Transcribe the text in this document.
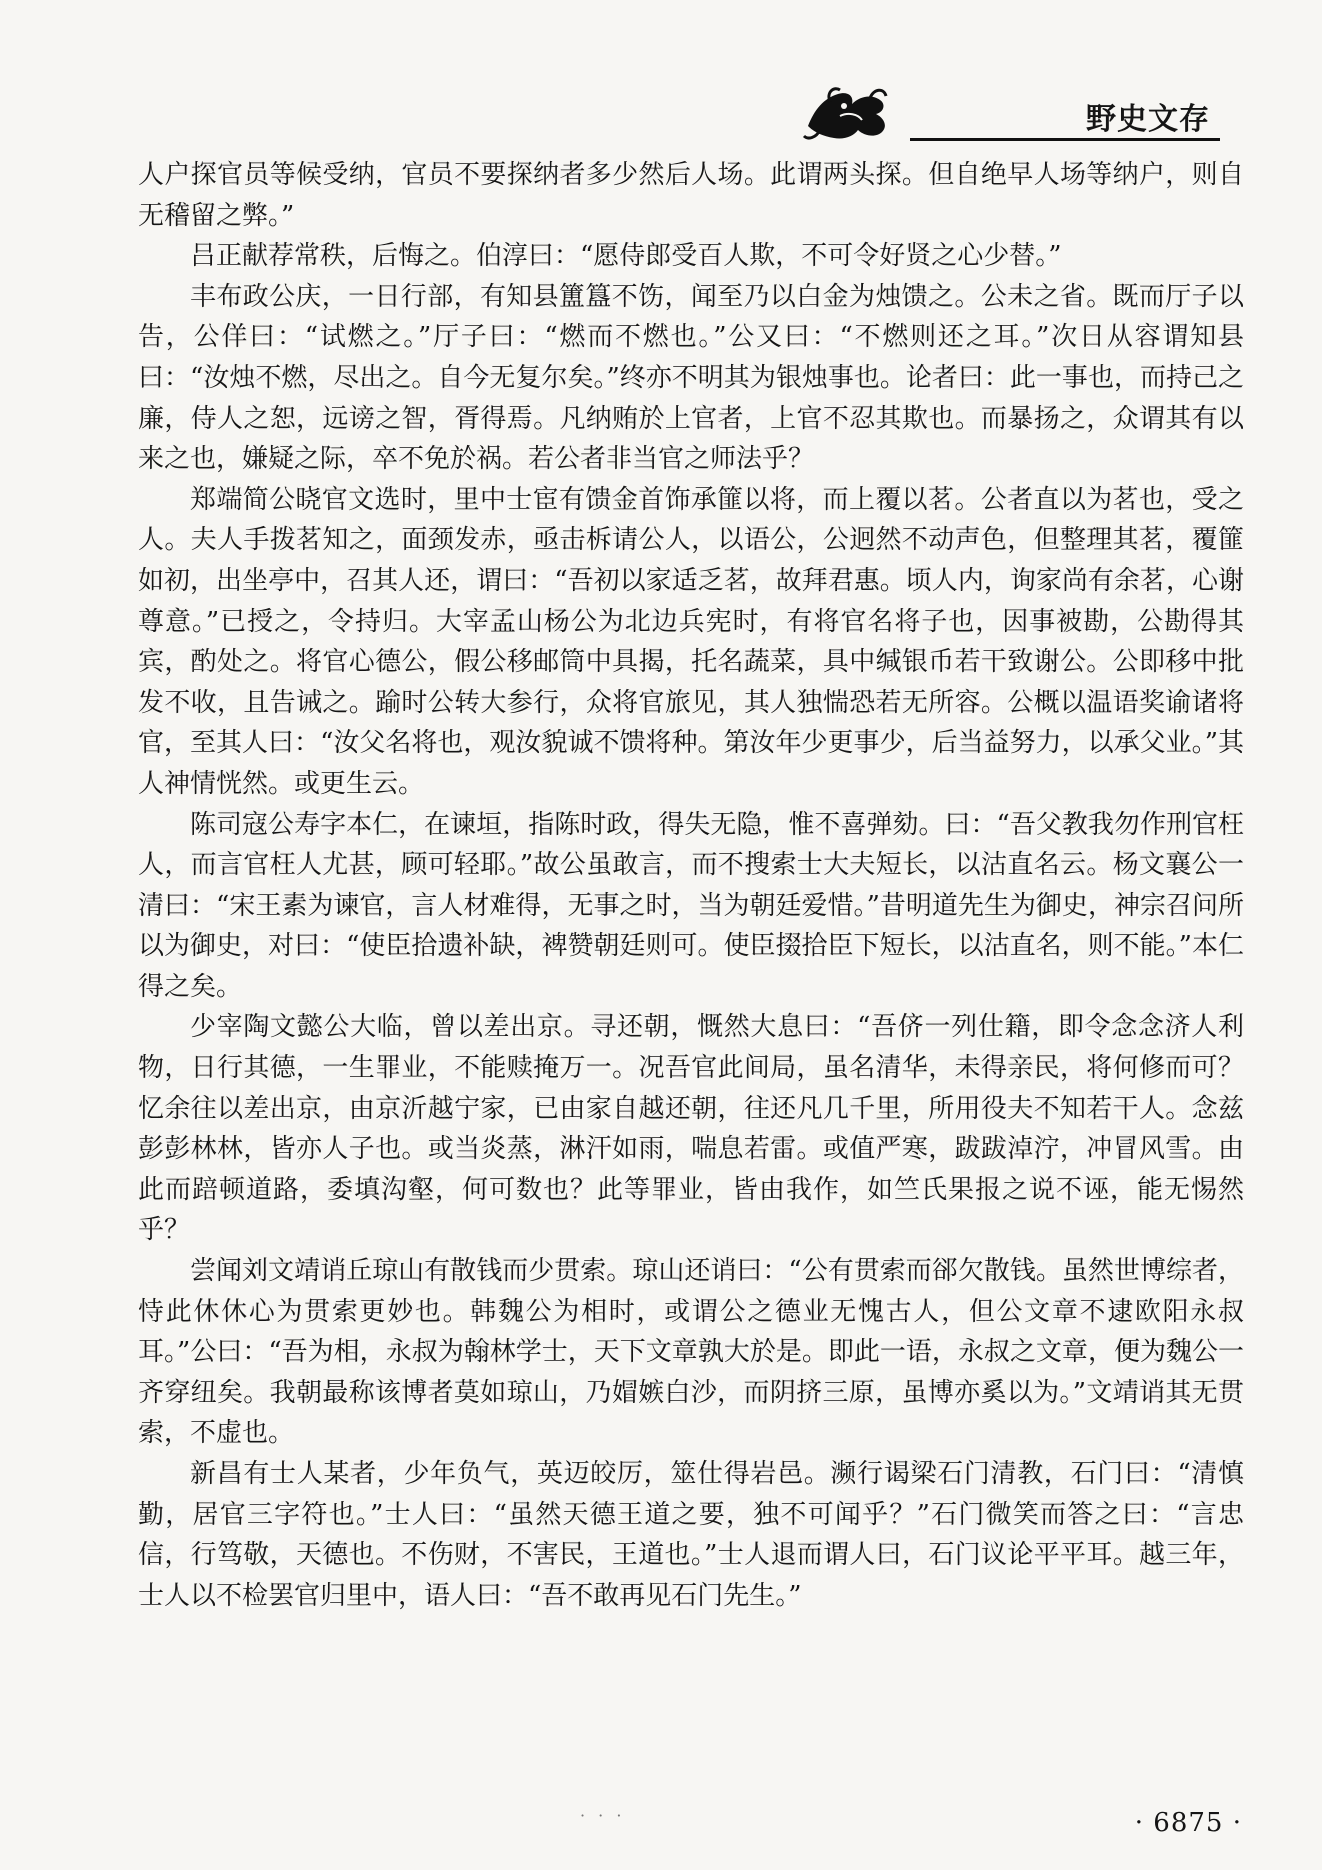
野史文存

人户探官员等候受纳，官员不要探纳者多少然后人场。此谓两头探。但自绝早人场等纳户，则自无稽留之弊。”

吕正献荐常秩，后悔之。伯淳曰：“愿侍郎受百人欺，不可令好贤之心少替。”

丰布政公庆，一日行部，有知县簠簋不饬，闻至乃以白金为烛馈之。公未之省。既而厅子以告，公佯曰：“试燃之。”厅子曰：“燃而不燃也。”公又曰：“不燃则还之耳。”次日从容谓知县曰：“汝烛不燃，尽出之。自今无复尔矣。”终亦不明其为银烛事也。论者曰：此一事也，而持己之廉，侍人之恕，远谤之智，胥得焉。凡纳贿於上官者，上官不忍其欺也。而暴扬之，众谓其有以来之也，嫌疑之际，卒不免於祸。若公者非当官之师法乎？

郑端简公晓官文选时，里中士宦有馈金首饰承篚以将，而上覆以茗。公者直以为茗也，受之人。夫人手拨茗知之，面颈发赤，亟击柝请公人，以语公，公迥然不动声色，但整理其茗，覆篚如初，出坐亭中，召其人还，谓曰：“吾初以家适乏茗，故拜君惠。顷人内，询家尚有余茗，心谢尊意。”已授之，令持归。大宰孟山杨公为北边兵宪时，有将官名将子也，因事被勘，公勘得其宾，酌处之。将官心德公，假公移邮筒中具揭，托名蔬菜，具中缄银币若干致谢公。公即移中批发不收，且告诫之。踰时公转大参行，众将官旅见，其人独惴恐若无所容。公概以温语奖谕诸将官，至其人曰：“汝父名将也，观汝貌诚不馈将种。第汝年少更事少，后当益努力，以承父业。”其人神情恍然。或更生云。

陈司寇公寿字本仁，在谏垣，指陈时政，得失无隐，惟不喜弹劾。曰：“吾父教我勿作刑官枉人，而言官枉人尤甚，顾可轻耶。”故公虽敢言，而不搜索士大夫短长，以沽直名云。杨文襄公一清曰：“宋王素为谏官，言人材难得，无事之时，当为朝廷爱惜。”昔明道先生为御史，神宗召问所以为御史，对曰：“使臣拾遗补缺，裨赞朝廷则可。使臣掇拾臣下短长，以沽直名，则不能。”本仁得之矣。

少宰陶文懿公大临，曾以差出京。寻还朝，慨然大息曰：“吾侪一列仕籍，即令念念济人利物，日行其德，一生罪业，不能赎掩万一。况吾官此间局，虽名清华，未得亲民，将何修而可？忆余往以差出京，由京沂越宁家，已由家自越还朝，往还凡几千里，所用役夫不知若干人。念兹彭彭林林，皆亦人子也。或当炎蒸，淋汗如雨，喘息若雷。或值严寒，跋跋淖泞，冲冒风雪。由此而踣顿道路，委填沟壑，何可数也？此等罪业，皆由我作，如竺氏果报之说不诬，能无惕然乎？

尝闻刘文靖诮丘琼山有散钱而少贯索。琼山还诮曰：“公有贯索而郤欠散钱。虽然世博综者，恃此休休心为贯索更妙也。韩魏公为相时，或谓公之德业无愧古人，但公文章不逮欧阳永叔耳。”公曰：“吾为相，永叔为翰林学士，天下文章孰大於是。即此一语，永叔之文章，便为魏公一齐穿纽矣。我朝最称该博者莫如琼山，乃媢嫉白沙，而阴挤三原，虽博亦奚以为。”文靖诮其无贯索，不虚也。

新昌有士人某者，少年负气，英迈皎厉，筮仕得岩邑。濒行谒梁石门清教，石门曰：“清慎勤，居官三字符也。”士人曰：“虽然天德王道之要，独不可闻乎？”石门微笑而答之曰：“言忠信，行笃敬，天德也。不伤财，不害民，王道也。”士人退而谓人曰，石门议论平平耳。越三年，士人以不检罢官归里中，语人曰：“吾不敢再见石门先生。”

· · ·	· 6875 ·
